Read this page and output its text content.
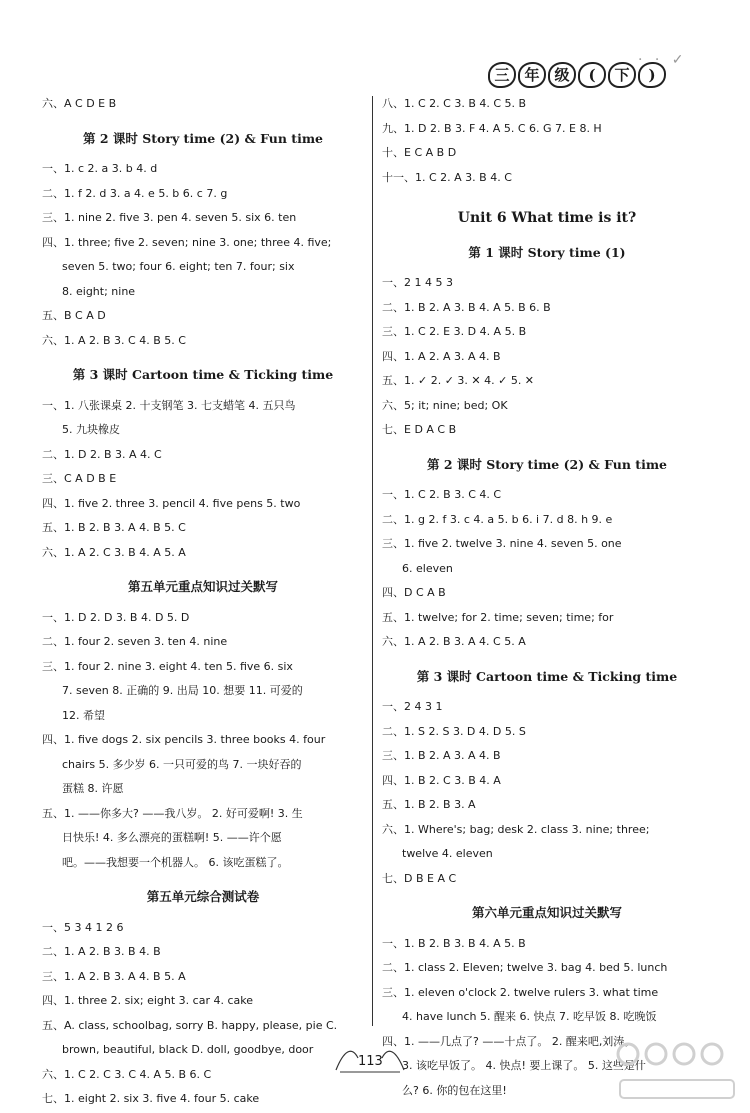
三 年 级	(	下	)
· · ✓
六、A C D E B
第 2 课时 Story time (2) & Fun time
一、1. c 2. a 3. b 4. d
二、1. f 2. d 3. a 4. e 5. b 6. c 7. g
三、1. nine 2. five 3. pen 4. seven 5. six 6. ten
四、1. three; five 2. seven; nine 3. one; three 4. five;
seven 5. two; four 6. eight; ten 7. four; six
8. eight; nine
五、B C A D
六、1. A 2. B 3. C 4. B 5. C
第 3 课时 Cartoon time & Ticking time
一、1. 八张课桌 2. 十支钢笔 3. 七支蜡笔 4. 五只鸟
5. 九块橡皮
二、1. D 2. B 3. A 4. C
三、C A D B E
四、1. five 2. three 3. pencil 4. five pens 5. two
五、1. B 2. B 3. A 4. B 5. C
六、1. A 2. C 3. B 4. A 5. A
第五单元重点知识过关默写
一、1. D 2. D 3. B 4. D 5. D
二、1. four 2. seven 3. ten 4. nine
三、1. four 2. nine 3. eight 4. ten 5. five 6. six
7. seven 8. 正确的 9. 出局 10. 想要 11. 可爱的
12. 希望
四、1. five dogs 2. six pencils 3. three books 4. four
chairs 5. 多少岁 6. 一只可爱的鸟 7. 一块好吞的
蛋糕 8. 许愿
五、1. ——你多大? ——我八岁。 2. 好可爱啊! 3. 生
日快乐! 4. 多么漂亮的蛋糕啊! 5. ——许个愿
吧。——我想要一个机器人。 6. 该吃蛋糕了。
第五单元综合测试卷
一、5 3 4 1 2 6
二、1. A 2. B 3. B 4. B
三、1. A 2. B 3. A 4. B 5. A
四、1. three 2. six; eight 3. car 4. cake
五、A. class, schoolbag, sorry B. happy, please, pie C.
brown, beautiful, black D. doll, goodbye, door
六、1. C 2. C 3. C 4. A 5. B 6. C
七、1. eight 2. six 3. five 4. four 5. cake
八、1. C 2. C 3. B 4. C 5. B
九、1. D 2. B 3. F 4. A 5. C 6. G 7. E 8. H
十、E C A B D
十一、1. C 2. A 3. B 4. C
Unit 6 What time is it?
第 1 课时 Story time (1)
一、2 1 4 5 3
二、1. B 2. A 3. B 4. A 5. B 6. B
三、1. C 2. E 3. D 4. A 5. B
四、1. A 2. A 3. A 4. B
五、1. ✓ 2. ✓ 3. ✕ 4. ✓ 5. ✕
六、5; it; nine; bed; OK
七、E D A C B
第 2 课时 Story time (2) & Fun time
一、1. C 2. B 3. C 4. C
二、1. g 2. f 3. c 4. a 5. b 6. i 7. d 8. h 9. e
三、1. five 2. twelve 3. nine 4. seven 5. one
6. eleven
四、D C A B
五、1. twelve; for 2. time; seven; time; for
六、1. A 2. B 3. A 4. C 5. A
第 3 课时 Cartoon time & Ticking time
一、2 4 3 1
二、1. S 2. S 3. D 4. D 5. S
三、1. B 2. A 3. A 4. B
四、1. B 2. C 3. B 4. A
五、1. B 2. B 3. A
六、1. Where's; bag; desk 2. class 3. nine; three;
twelve 4. eleven
七、D B E A C
第六单元重点知识过关默写
一、1. B 2. B 3. B 4. A 5. B
二、1. class 2. Eleven; twelve 3. bag 4. bed 5. lunch
三、1. eleven o'clock 2. twelve rulers 3. what time
4. have lunch 5. 醒来 6. 快点 7. 吃早饭 8. 吃晚饭
四、1. ——几点了? ——十点了。 2. 醒来吧,刘涛。
3. 该吃早饭了。 4. 快点! 要上课了。 5. 这些是什
么? 6. 你的包在这里!
113
